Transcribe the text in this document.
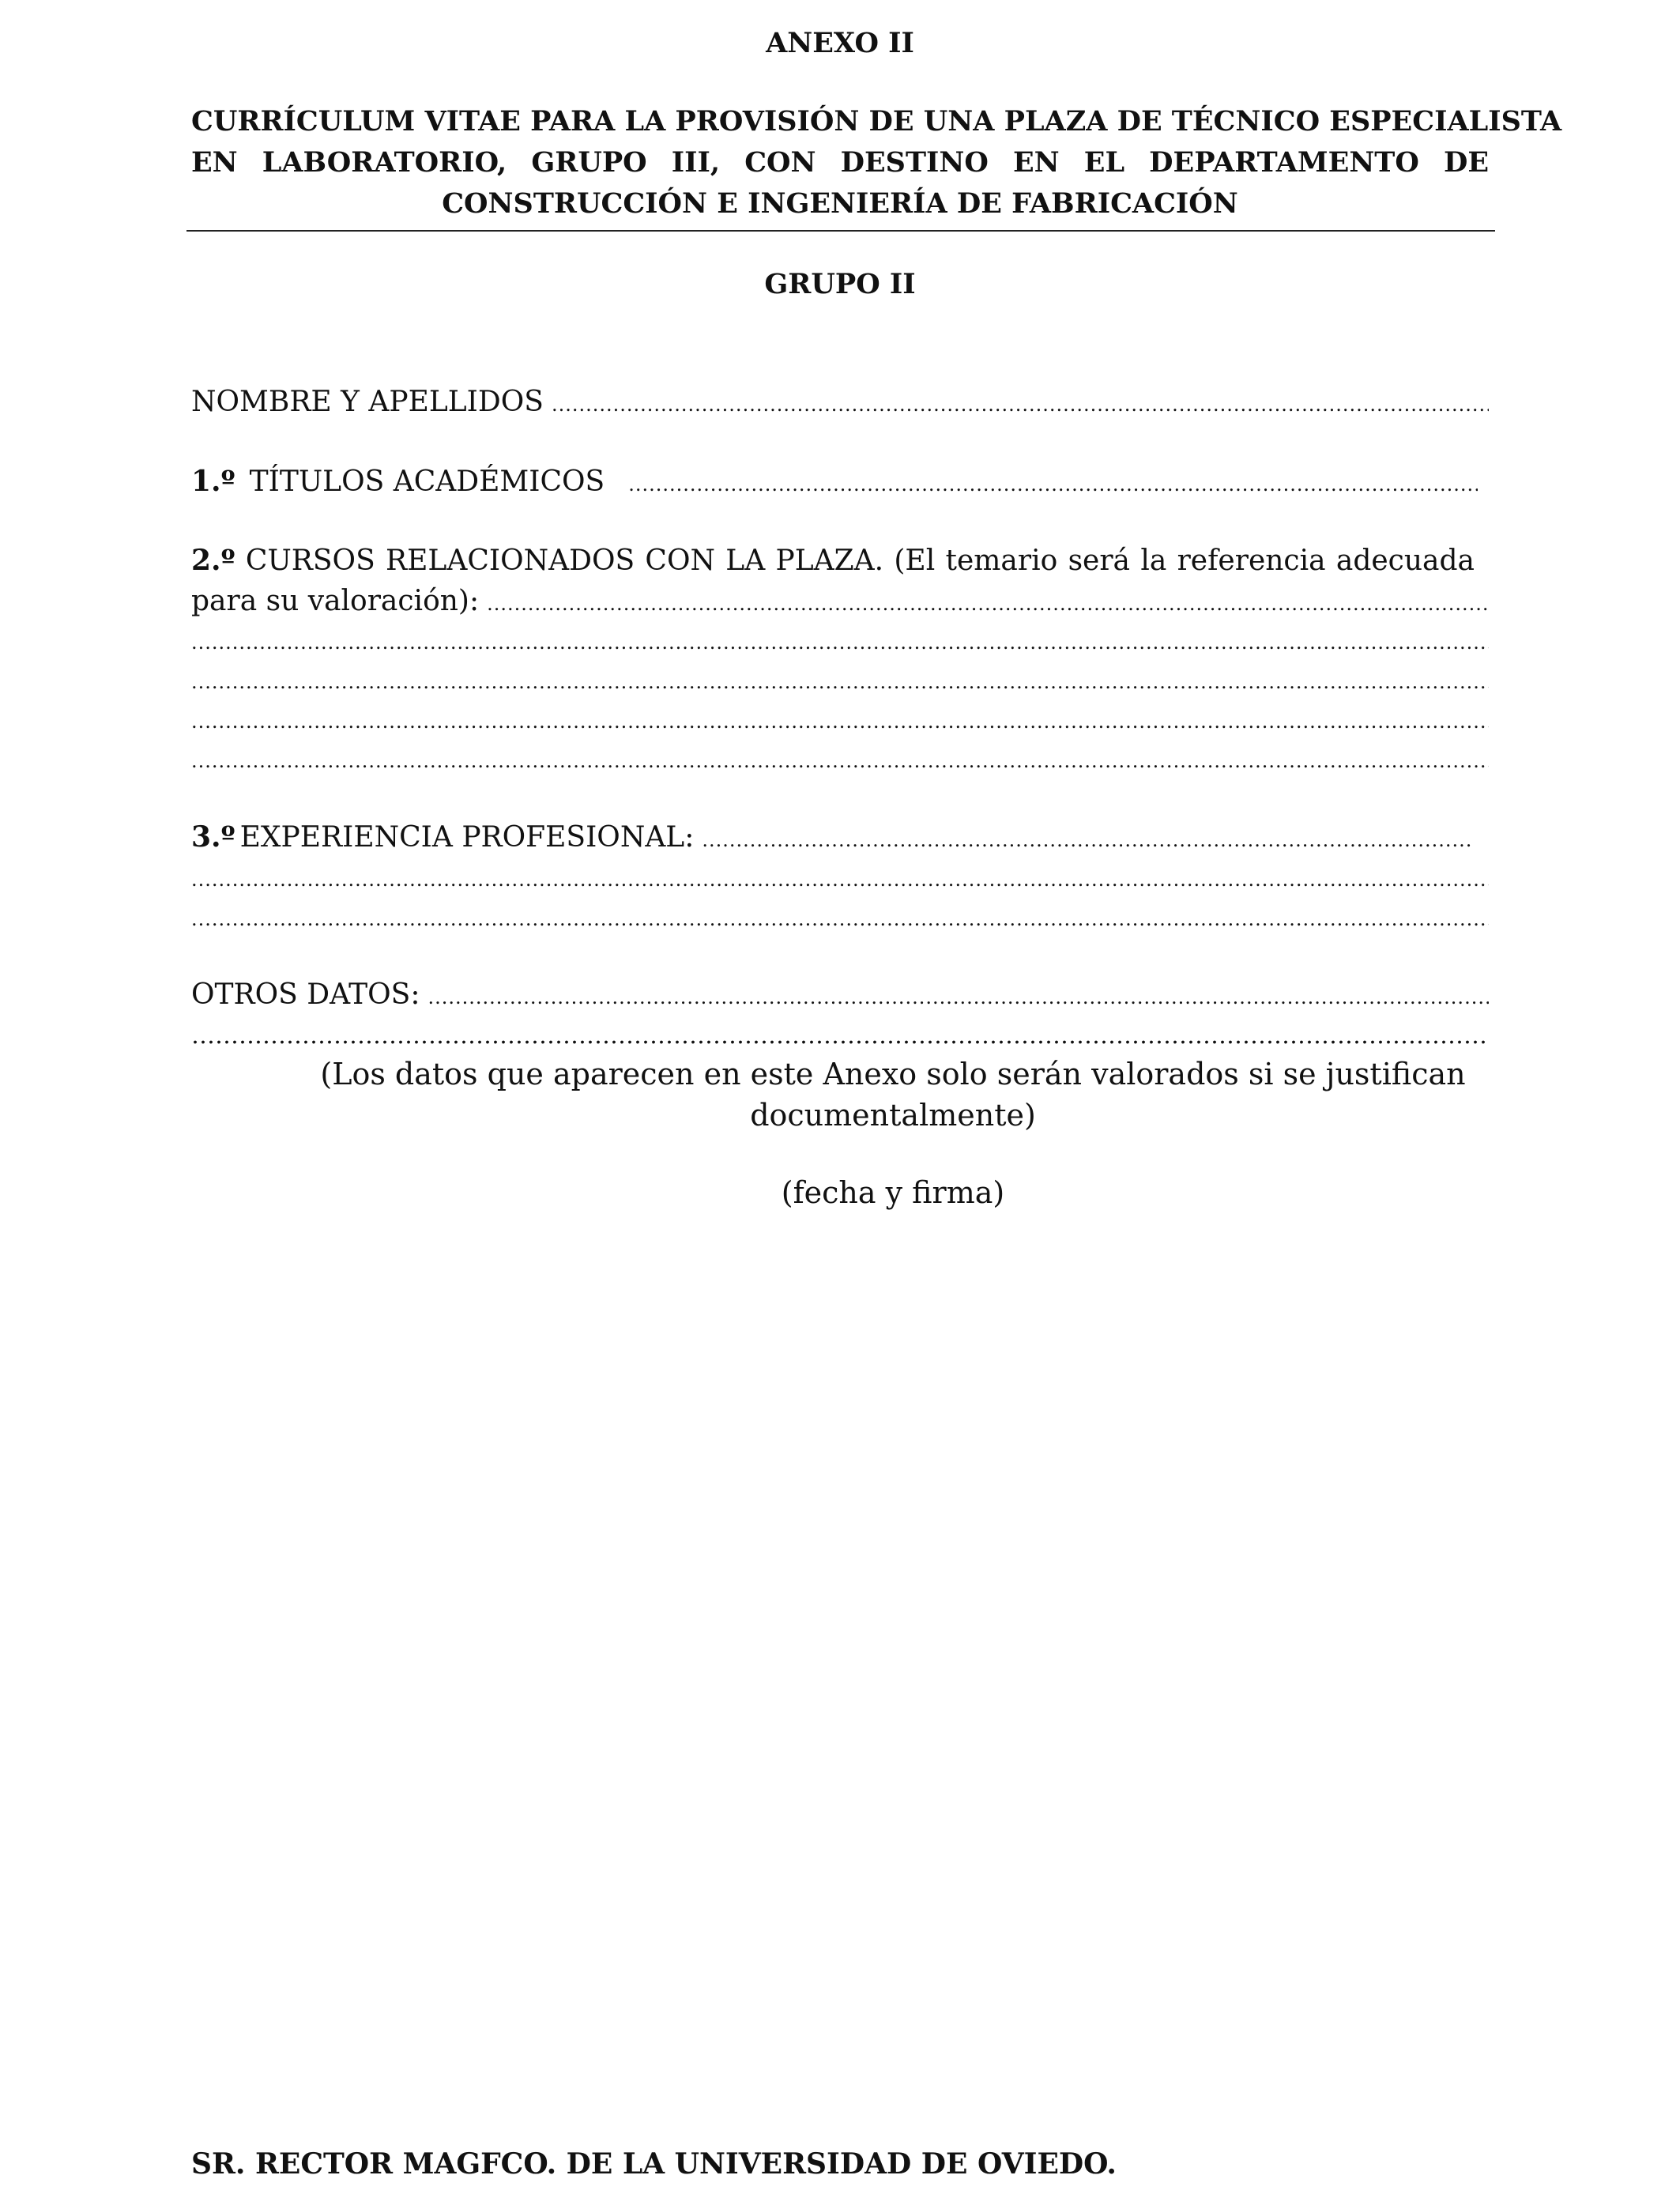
ANEXO II
CURRÍCULUM VITAE PARA LA PROVISIÓN DE UNA PLAZA DE TÉCNICO ESPECIALISTA
EN LABORATORIO, GRUPO III, CON DESTINO EN EL DEPARTAMENTO DE
CONSTRUCCIÓN E INGENIERÍA DE FABRICACIÓN
GRUPO II
NOMBRE Y APELLIDOS
.....
1.º TÍTULOS ACADÉMICOS
.....
2.º CURSOS RELACIONADOS CON LA PLAZA. (El temario será la referencia adecuada
para su valoración):
.....
.....
.....
.....
.....
3.º EXPERIENCIA PROFESIONAL:
.....
.....
.....
OTROS DATOS:
.....
……………………………………………………………………………………………………………………………………………………………………………………………
(Los datos que aparecen en este Anexo solo serán valorados si se justifican
documentalmente)
(fecha y firma)
SR. RECTOR MAGFCO. DE LA UNIVERSIDAD DE OVIEDO.
